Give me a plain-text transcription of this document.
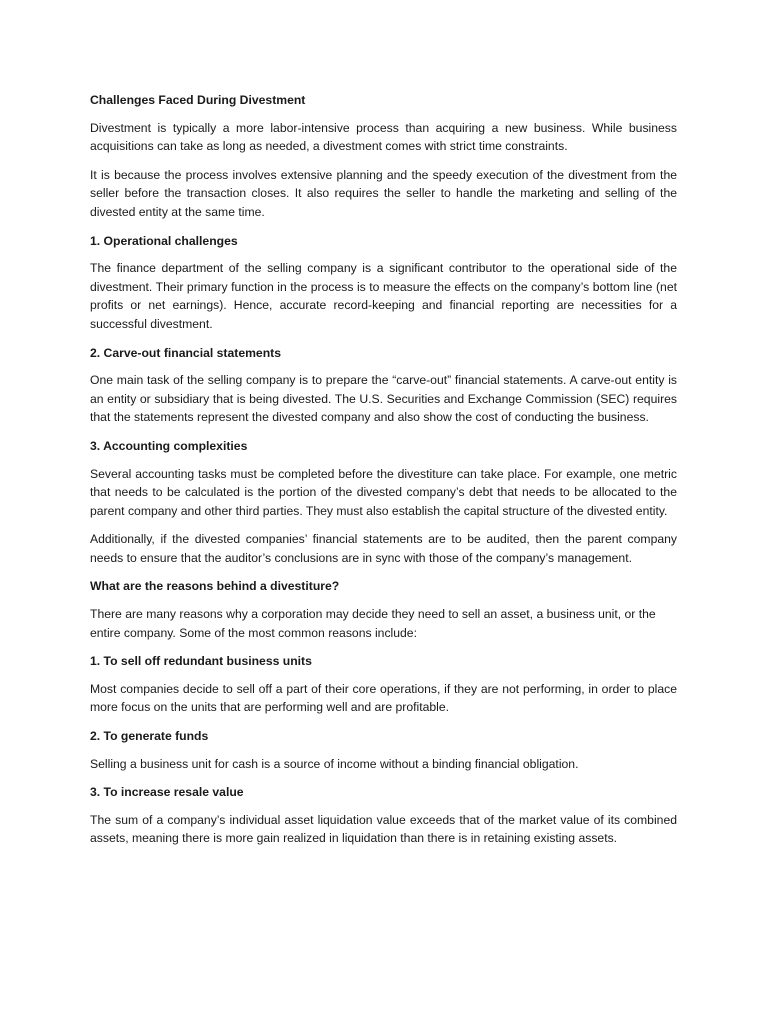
Challenges Faced During Divestment
Divestment is typically a more labor-intensive process than acquiring a new business. While business acquisitions can take as long as needed, a divestment comes with strict time constraints.
It is because the process involves extensive planning and the speedy execution of the divestment from the seller before the transaction closes. It also requires the seller to handle the marketing and selling of the divested entity at the same time.
1. Operational challenges
The finance department of the selling company is a significant contributor to the operational side of the divestment. Their primary function in the process is to measure the effects on the company’s bottom line (net profits or net earnings). Hence, accurate record-keeping and financial reporting are necessities for a successful divestment.
2. Carve-out financial statements
One main task of the selling company is to prepare the “carve-out” financial statements. A carve-out entity is an entity or subsidiary that is being divested. The U.S. Securities and Exchange Commission (SEC) requires that the statements represent the divested company and also show the cost of conducting the business.
3. Accounting complexities
Several accounting tasks must be completed before the divestiture can take place. For example, one metric that needs to be calculated is the portion of the divested company’s debt that needs to be allocated to the parent company and other third parties. They must also establish the capital structure of the divested entity.
Additionally, if the divested companies’ financial statements are to be audited, then the parent company needs to ensure that the auditor’s conclusions are in sync with those of the company’s management.
What are the reasons behind a divestiture?
There are many reasons why a corporation may decide they need to sell an asset, a business unit, or the entire company. Some of the most common reasons include:
1. To sell off redundant business units
Most companies decide to sell off a part of their core operations, if they are not performing, in order to place more focus on the units that are performing well and are profitable.
2. To generate funds
Selling a business unit for cash is a source of income without a binding financial obligation.
3. To increase resale value
The sum of a company’s individual asset liquidation value exceeds that of the market value of its combined assets, meaning there is more gain realized in liquidation than there is in retaining existing assets.
